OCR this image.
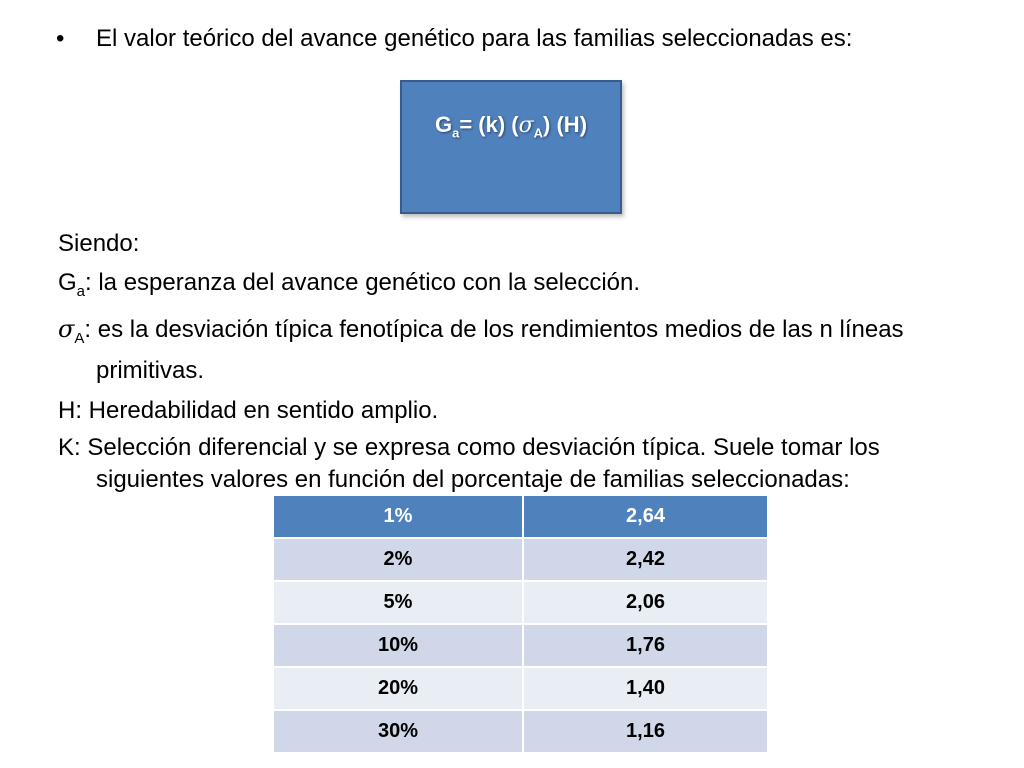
• El valor teórico del avance genético para las familias seleccionadas es:
$G_a= (k)$ $(\sigma_A)$ (H)
Siendo:
$G_a$: la esperanza del avance genético con la selección.
$\sigma_A$: es la desviación típica fenotípica de los rendimientos medios de las n líneas primitivas.
H: Heredabilidad en sentido amplio.
K: Selección diferencial y se expresa como desviación típica. Suele tomar los siguientes valores en función del porcentaje de familias seleccionadas:
1%	2,64
2%	2,42
5%	2,06
10%	1,76
20%	1,40
30%	1,16
